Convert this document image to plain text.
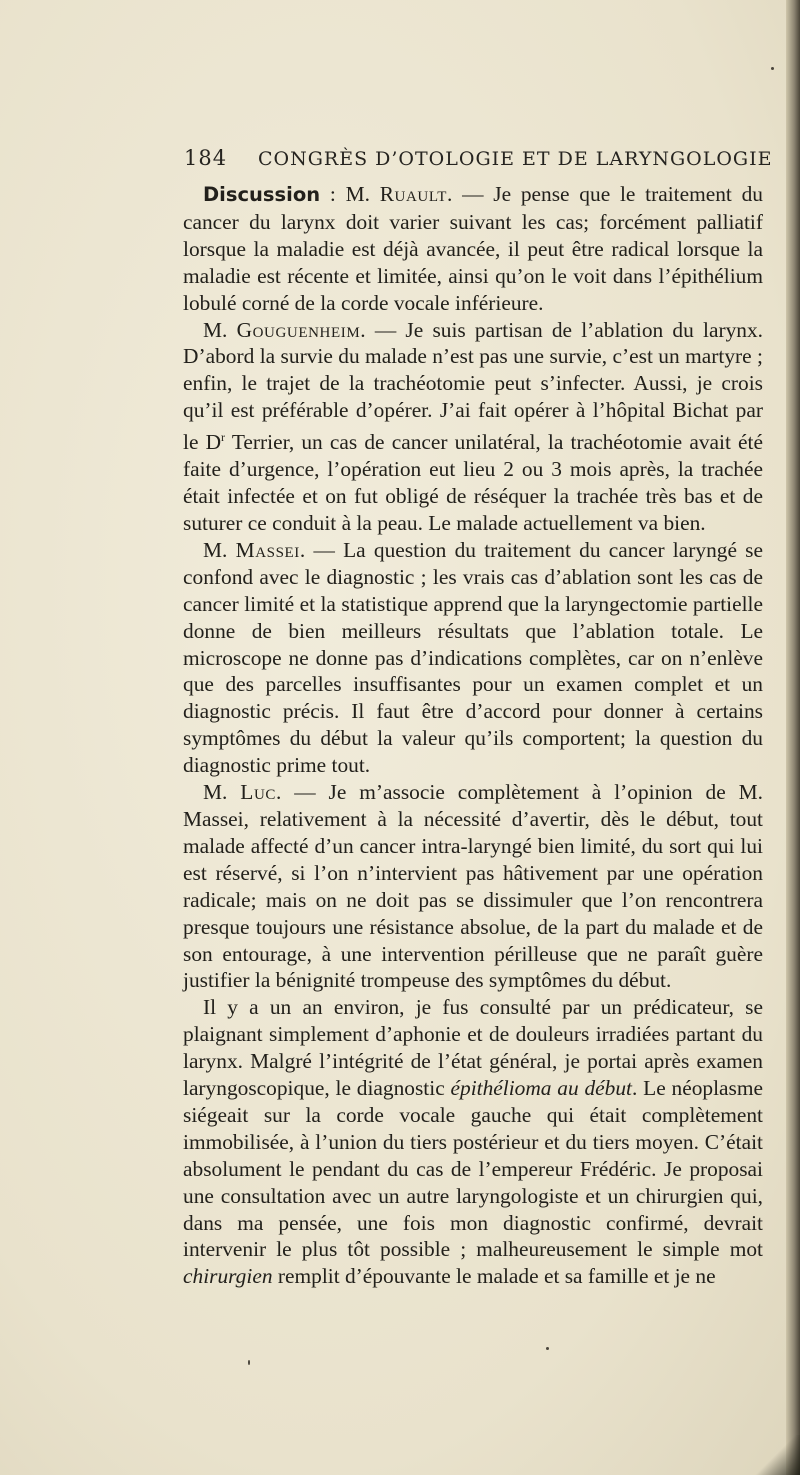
184 CONGRÈS D’OTOLOGIE ET DE LARYNGOLOGIE

Discussion : M. Ruault. — Je pense que le traitement du cancer du larynx doit varier suivant les cas; forcément palliatif lorsque la maladie est déjà avancée, il peut être radical lorsque la maladie est récente et limitée, ainsi qu’on le voit dans l’épithélium lobulé corné de la corde vocale inférieure.

M. Gouguenheim. — Je suis partisan de l’ablation du larynx. D’abord la survie du malade n’est pas une survie, c’est un martyre ; enfin, le trajet de la trachéotomie peut s’infecter. Aussi, je crois qu’il est préférable d’opérer. J’ai fait opérer à l’hôpital Bichat par le $D^r$ Terrier, un cas de cancer unilatéral, la trachéotomie avait été faite d’urgence, l’opération eut lieu 2 ou 3 mois après, la trachée était infectée et on fut obligé de réséquer la trachée très bas et de suturer ce conduit à la peau. Le malade actuellement va bien.

M. Massei. — La question du traitement du cancer laryngé se confond avec le diagnostic ; les vrais cas d’ablation sont les cas de cancer limité et la statistique apprend que la laryngectomie partielle donne de bien meilleurs résultats que l’ablation totale. Le microscope ne donne pas d’indications complètes, car on n’enlève que des parcelles insuffisantes pour un examen complet et un diagnostic précis. Il faut être d’accord pour donner à certains symptômes du début la valeur qu’ils comportent; la question du diagnostic prime tout.

M. Luc. — Je m’associe complètement à l’opinion de M. Massei, relativement à la nécessité d’avertir, dès le début, tout malade affecté d’un cancer intra-laryngé bien limité, du sort qui lui est réservé, si l’on n’intervient pas hâtivement par une opération radicale; mais on ne doit pas se dissimuler que l’on rencontrera presque toujours une résistance absolue, de la part du malade et de son entourage, à une intervention périlleuse que ne paraît guère justifier la bénignité trompeuse des symptômes du début.

Il y a un an environ, je fus consulté par un prédicateur, se plaignant simplement d’aphonie et de douleurs irradiées partant du larynx. Malgré l’intégrité de l’état général, je portai après examen laryngoscopique, le diagnostic épithélioma au début. Le néoplasme siégeait sur la corde vocale gauche qui était complètement immobilisée, à l’union du tiers postérieur et du tiers moyen. C’était absolument le pendant du cas de l’empereur Frédéric. Je proposai une consultation avec un autre laryngologiste et un chirurgien qui, dans ma pensée, une fois mon diagnostic confirmé, devrait intervenir le plus tôt possible ; malheureusement le simple mot chirurgien remplit d’épouvante le malade et sa famille et je ne
